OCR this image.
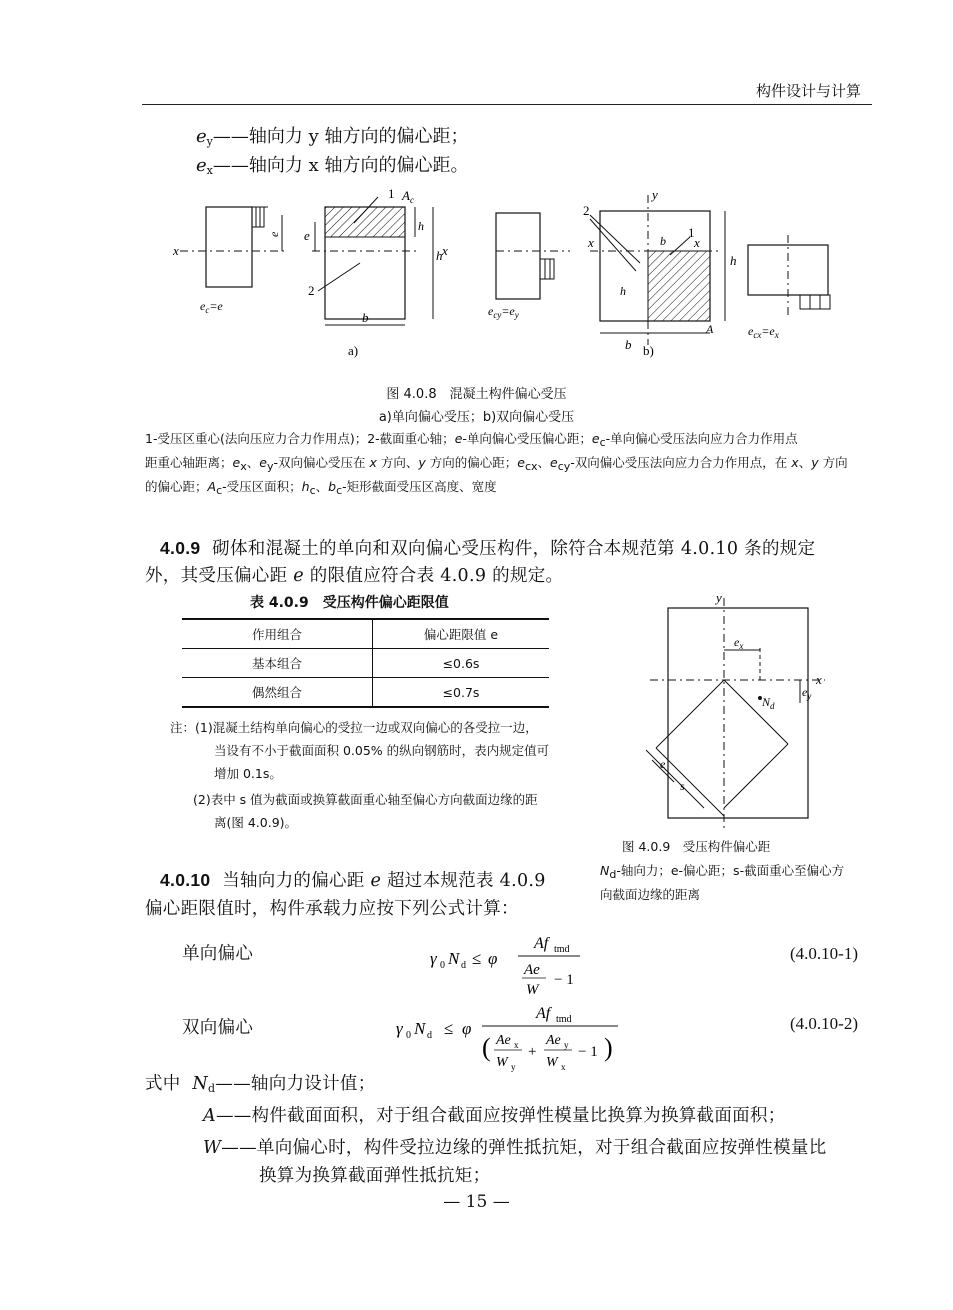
构件设计与计算
$e_y——$轴向力 y 轴方向的偏心距；
$e_x——$轴向力 x 轴方向的偏心距。
x
e
$e_c=e$
1 $A_c$
2
e
h
h x
b
a)
$e_{cy}=e_y$
y
x	x
2
1
b
A
b
h
h
$e_{cx}=e_x$
b)
图 4.0.8　混凝土构件偏心受压
a)单向偏心受压；b)双向偏心受压
1-受压区重心(法向压应力合力作用点)；2-截面重心轴；e-单向偏心受压偏心距；ec-单向偏心受压法向应力合力作用点
距重心轴距离；ex、ey-双向偏心受压在 x 方向、y 方向的偏心距；ecx、ecy-双向偏心受压法向应力合力作用点，在 x、y 方向
的偏心距；Ac-受压区面积；hc、bc-矩形截面受压区高度、宽度
4.0.9 砌体和混凝土的单向和双向偏心受压构件，除符合本规范第 4.0.10 条的规定
外，其受压偏心距 e 的限值应符合表 4.0.9 的规定。
表 4.0.9　受压构件偏心距限值
作用组合	偏心距限值 e
基本组合	≤0.6s
偶然组合	≤0.7s
注：(1)混凝土结构单向偏心的受拉一边或双向偏心的各受拉一边，
当设有不小于截面面积 0.05% 的纵向钢筋时，表内规定值可
增加 0.1s。
(2)表中 s 值为截面或换算截面重心轴至偏心方向截面边缘的距
离(图 4.0.9)。
y
x
$e_x$
$e_y$
$N_d$
e
s
图 4.0.9　受压构件偏心距
Nd-轴向力；e-偏心距；s-截面重心至偏心方
向截面边缘的距离
4.0.10 当轴向力的偏心距 e 超过本规范表 4.0.9
偏心距限值时，构件承载力应按下列公式计算：
单向偏心	γ 0 N d ≤ φ
Af tmd
Ae
W
− 1
(4.0.10-1)
双向偏心	γ 0 N d ≤ φ
Af tmd
( Ae x
W y
+
Ae y
W x
− 1 )
(4.0.10-2)
式中 $N_d——$轴向力设计值；
A——构件截面面积，对于组合截面应按弹性模量比换算为换算截面面积；
W——单向偏心时，构件受拉边缘的弹性抵抗矩，对于组合截面应按弹性模量比
换算为换算截面弹性抵抗矩；
— 15 —
